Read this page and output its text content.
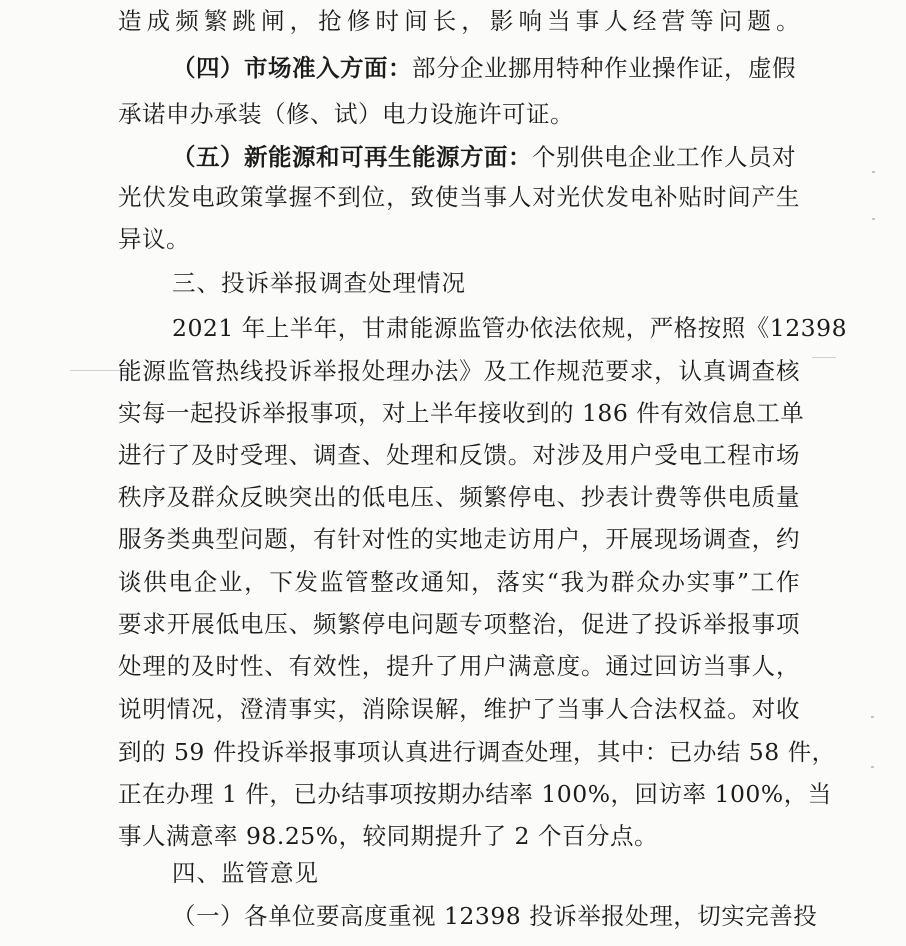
造成频繁跳闸，抢修时间长，影响当事人经营等问题。
（四）市场准入方面：部分企业挪用特种作业操作证，虚假
承诺申办承装（修、试）电力设施许可证。
（五）新能源和可再生能源方面：个别供电企业工作人员对
光伏发电政策掌握不到位，致使当事人对光伏发电补贴时间产生
异议。
三、投诉举报调查处理情况
2021 年上半年，甘肃能源监管办依法依规，严格按照《12398
能源监管热线投诉举报处理办法》及工作规范要求，认真调查核
实每一起投诉举报事项，对上半年接收到的 186 件有效信息工单
进行了及时受理、调查、处理和反馈。对涉及用户受电工程市场
秩序及群众反映突出的低电压、频繁停电、抄表计费等供电质量
服务类典型问题，有针对性的实地走访用户，开展现场调查，约
谈供电企业，下发监管整改通知，落实“我为群众办实事”工作
要求开展低电压、频繁停电问题专项整治，促进了投诉举报事项
处理的及时性、有效性，提升了用户满意度。通过回访当事人，
说明情况，澄清事实，消除误解，维护了当事人合法权益。对收
到的 59 件投诉举报事项认真进行调查处理，其中：已办结 58 件，
正在办理 1 件，已办结事项按期办结率 100%，回访率 100%，当
事人满意率 98.25%，较同期提升了 2 个百分点。
四、监管意见
（一）各单位要高度重视 12398 投诉举报处理，切实完善投
